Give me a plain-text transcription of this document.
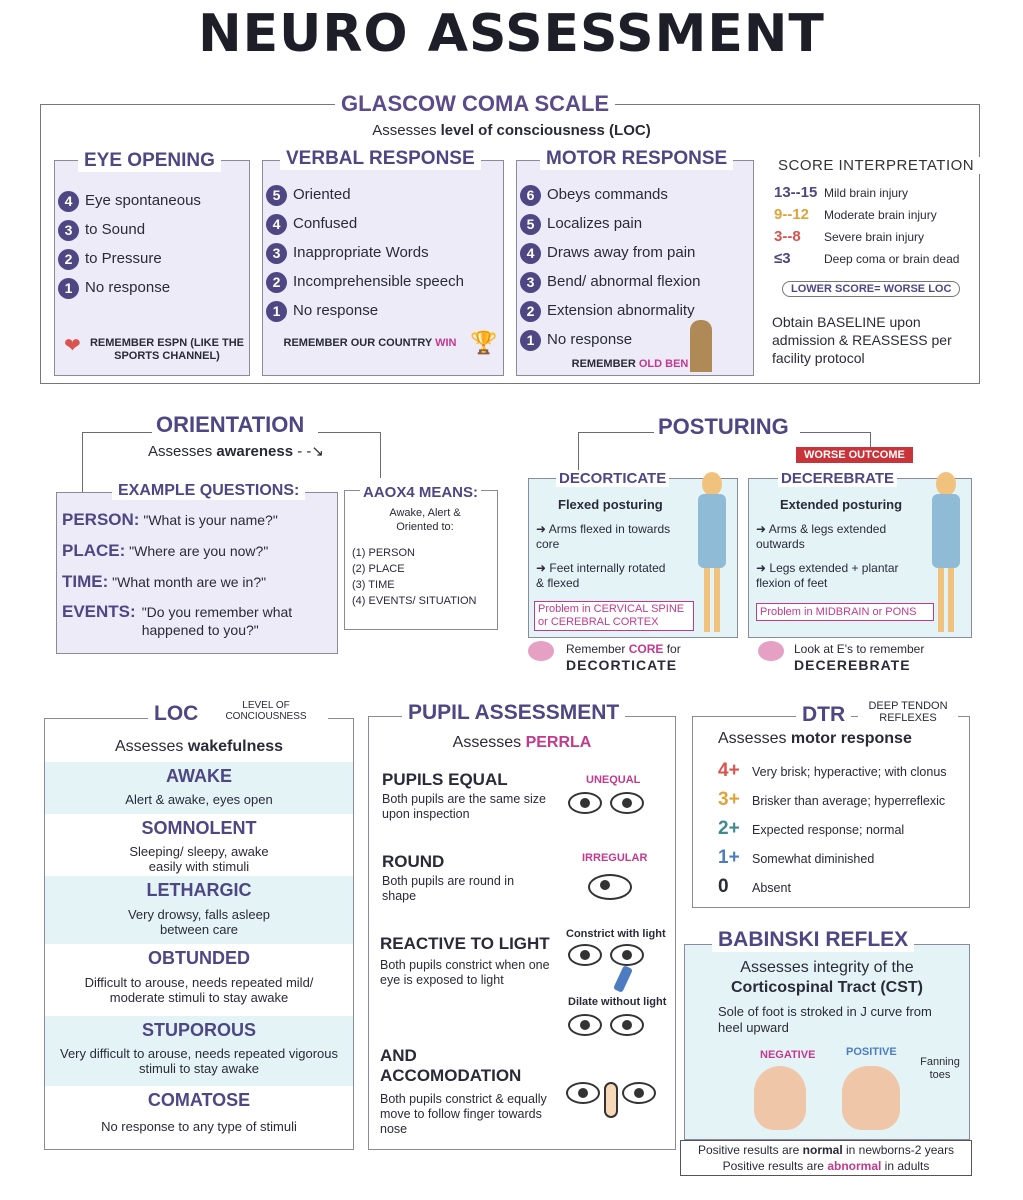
NEURO ASSESSMENT
GLASCOW COMA SCALE
Assesses level of consciousness (LOC)
EYE OPENING
4 Eye spontaneous
3 to Sound
2 to Pressure
1 No response
❤ REMEMBER ESPN (LIKE THE SPORTS CHANNEL)
VERBAL RESPONSE
5 Oriented
4 Confused
3 Inappropriate Words
2 Incomprehensible speech
1 No response
REMEMBER OUR COUNTRY WIN 🏆
MOTOR RESPONSE
6 Obeys commands
5 Localizes pain
4 Draws away from pain
3 Bend/ abnormal flexion
2 Extension abnormality
1 No response
REMEMBER OLD BEN
SCORE INTERPRETATION
13--15 Mild brain injury
9--12 Moderate brain injury
3--8 Severe brain injury
≤3	Deep coma or brain dead
LOWER SCORE= WORSE LOC
Obtain BASELINE upon admission & REASSESS per facility protocol
ORIENTATION
Assesses awareness - -↘
EXAMPLE QUESTIONS:
PERSON: "What is your name?"
PLACE: "Where are you now?"
TIME: "What month are we in?"
EVENTS: "Do you remember what happened to you?"
AAOX4 MEANS:
Awake, Alert & Oriented to:
(1) PERSON
(2) PLACE
(3) TIME
(4) EVENTS/ SITUATION
POSTURING
WORSE OUTCOME
DECORTICATE
Flexed posturing
➜ Arms flexed in towards core
➜ Feet internally rotated & flexed
Problem in CERVICAL SPINE or CEREBRAL CORTEX
Remember CORE for
DECORTICATE
DECEREBRATE
Extended posturing
➜ Arms & legs extended outwards
➜ Legs extended + plantar flexion of feet
Problem in MIDBRAIN or PONS
Look at E's to remember
DECEREBRATE
LOC	LEVEL OF CONCIOUSNESS
Assesses wakefulness
AWAKE
Alert & awake, eyes open
SOMNOLENT
Sleeping/ sleepy, awake easily with stimuli
LETHARGIC
Very drowsy, falls asleep between care
OBTUNDED
Difficult to arouse, needs repeated mild/ moderate stimuli to stay awake
STUPOROUS
Very difficult to arouse, needs repeated vigorous stimuli to stay awake
COMATOSE
No response to any type of stimuli
PUPIL ASSESSMENT
Assesses PERRLA
PUPILS EQUAL
Both pupils are the same size upon inspection
UNEQUAL
ROUND
Both pupils are round in shape
IRREGULAR
REACTIVE TO LIGHT
Both pupils constrict when one eye is exposed to light
Constrict with light
Dilate without light
AND ACCOMODATION
Both pupils constrict & equally move to follow finger towards nose
DTR	DEEP TENDON REFLEXES
Assesses motor response
4+ Very brisk; hyperactive; with clonus
3+ Brisker than average; hyperreflexic
2+ Expected response; normal
1+ Somewhat diminished
0 Absent
BABINSKI REFLEX
Assesses integrity of the
Corticospinal Tract (CST)
Sole of foot is stroked in J curve from heel upward
NEGATIVE	POSITIVE
Fanning toes
Positive results are normal in newborns-2 years
Positive results are abnormal in adults
